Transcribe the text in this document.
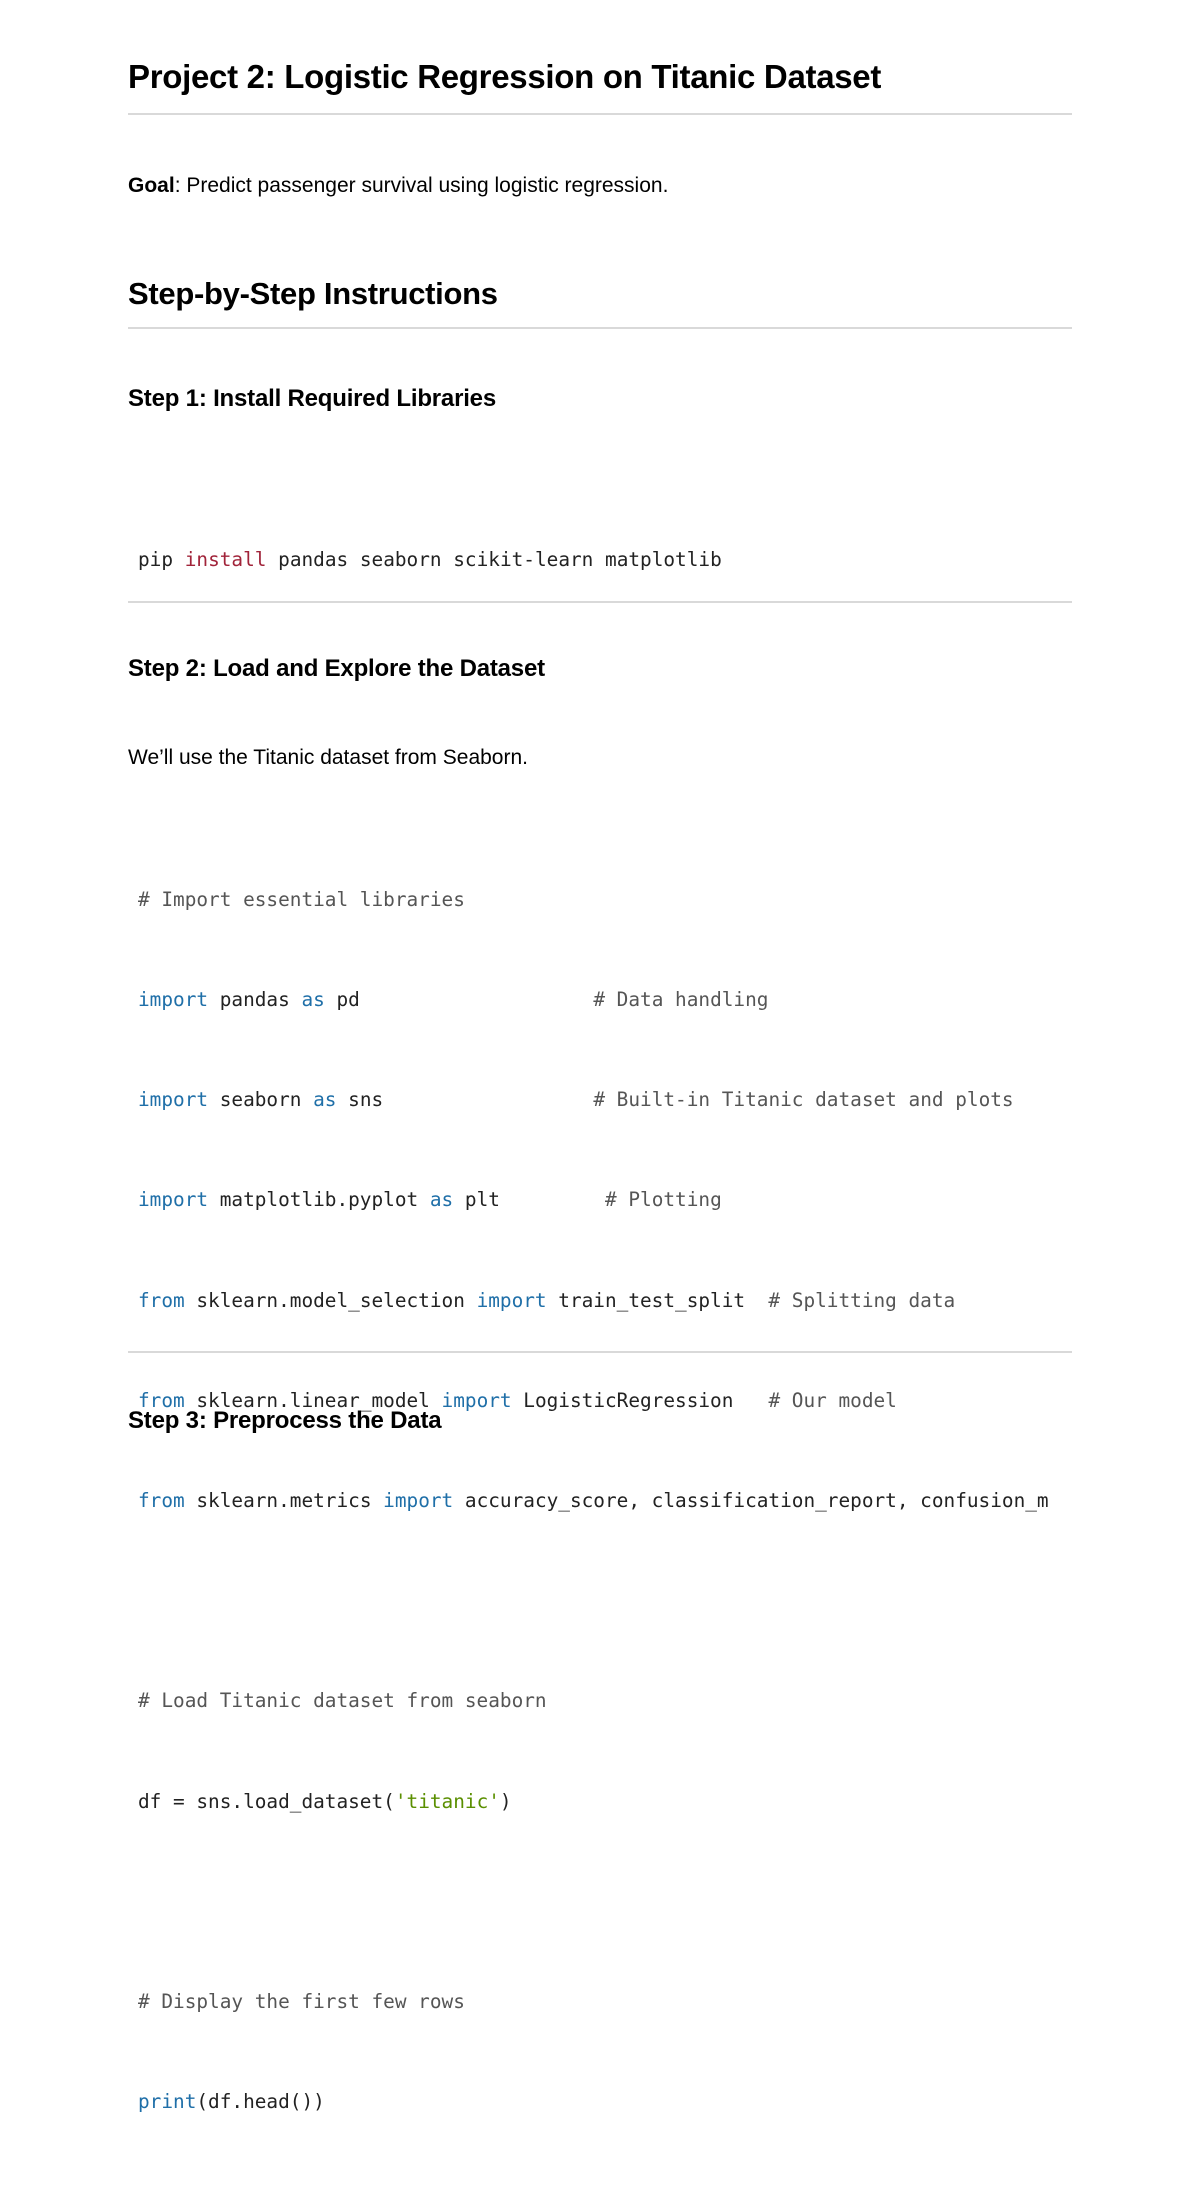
Project 2: Logistic Regression on Titanic Dataset

Goal: Predict passenger survival using logistic regression.

Step-by-Step Instructions
Step 1: Install Required Libraries

pip install pandas seaborn scikit-learn matplotlib

Step 2: Load and Explore the Dataset

We’ll use the Titanic dataset from Seaborn.

# Import essential libraries

import pandas as pd	# Data handling

import seaborn as sns	# Built-in Titanic dataset and plots

import matplotlib.pyplot as plt	# Plotting

from sklearn.model_selection import train_test_split  # Splitting data

from sklearn.linear_model import LogisticRegression   # Our model

from sklearn.metrics import accuracy_score, classification_report, confusion_m

# Load Titanic dataset from seaborn

df = sns.load_dataset('titanic')

# Display the first few rows

print(df.head())

Step 3: Preprocess the Data
